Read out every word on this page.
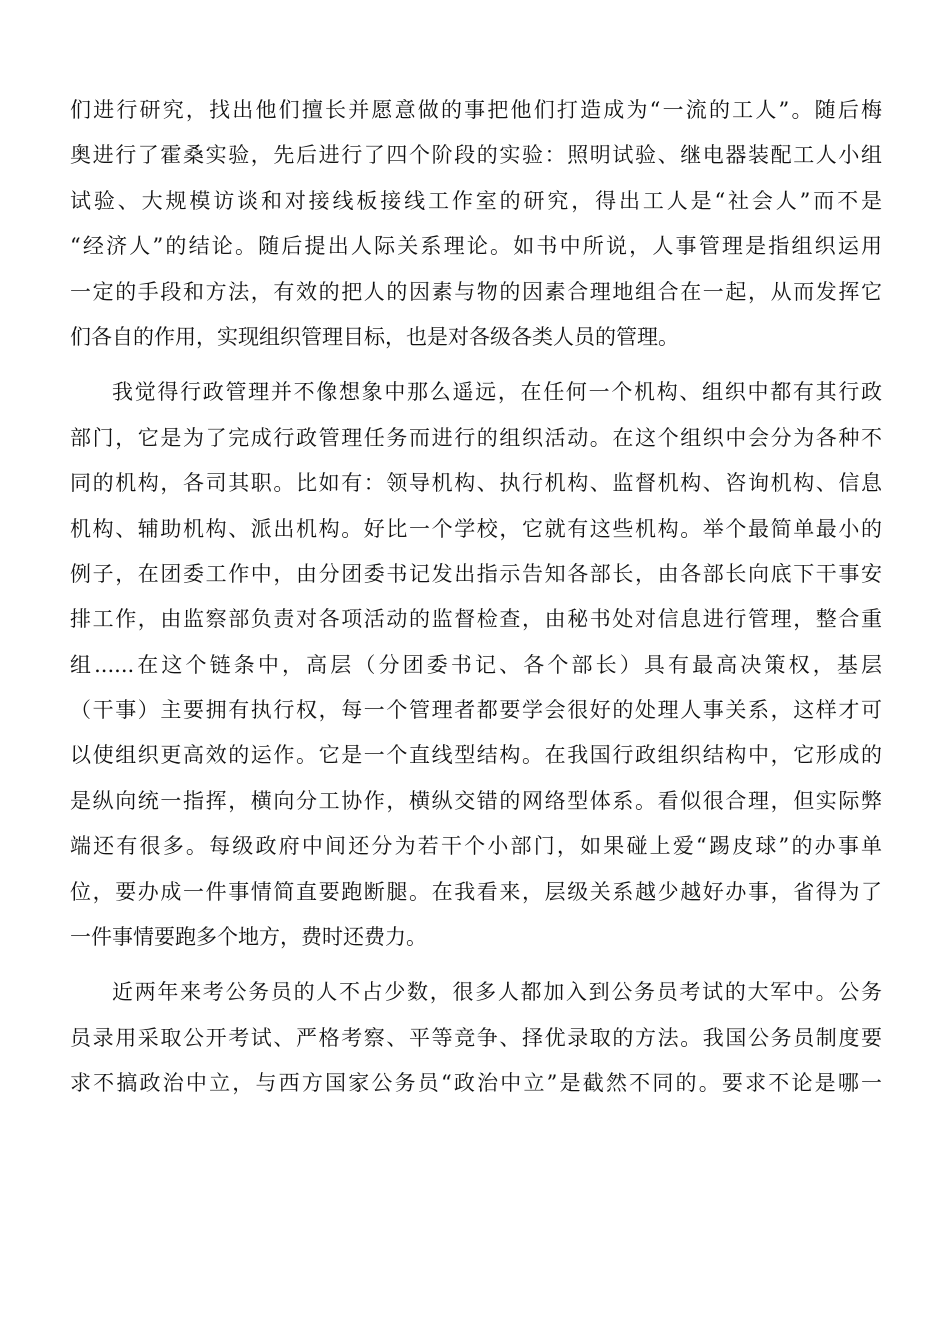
们进行研究，找出他们擅长并愿意做的事把他们打造成为“一流的工人”。随后梅
奥进行了霍桑实验，先后进行了四个阶段的实验：照明试验、继电器装配工人小组
试验、大规模访谈和对接线板接线工作室的研究，得出工人是“社会人”而不是
“经济人”的结论。随后提出人际关系理论。如书中所说，人事管理是指组织运用
一定的手段和方法，有效的把人的因素与物的因素合理地组合在一起，从而发挥它
们各自的作用，实现组织管理目标，也是对各级各类人员的管理。
我觉得行政管理并不像想象中那么遥远，在任何一个机构、组织中都有其行政
部门，它是为了完成行政管理任务而进行的组织活动。在这个组织中会分为各种不
同的机构，各司其职。比如有：领导机构、执行机构、监督机构、咨询机构、信息
机构、辅助机构、派出机构。好比一个学校，它就有这些机构。举个最简单最小的
例子，在团委工作中，由分团委书记发出指示告知各部长，由各部长向底下干事安
排工作，由监察部负责对各项活动的监督检查，由秘书处对信息进行管理，整合重
组......在这个链条中，高层（分团委书记、各个部长）具有最高决策权，基层
（干事）主要拥有执行权，每一个管理者都要学会很好的处理人事关系，这样才可
以使组织更高效的运作。它是一个直线型结构。在我国行政组织结构中，它形成的
是纵向统一指挥，横向分工协作，横纵交错的网络型体系。看似很合理，但实际弊
端还有很多。每级政府中间还分为若干个小部门，如果碰上爱“踢皮球”的办事单
位，要办成一件事情简直要跑断腿。在我看来，层级关系越少越好办事，省得为了
一件事情要跑多个地方，费时还费力。
近两年来考公务员的人不占少数，很多人都加入到公务员考试的大军中。公务
员录用采取公开考试、严格考察、平等竞争、择优录取的方法。我国公务员制度要
求不搞政治中立，与西方国家公务员“政治中立”是截然不同的。要求不论是哪一
